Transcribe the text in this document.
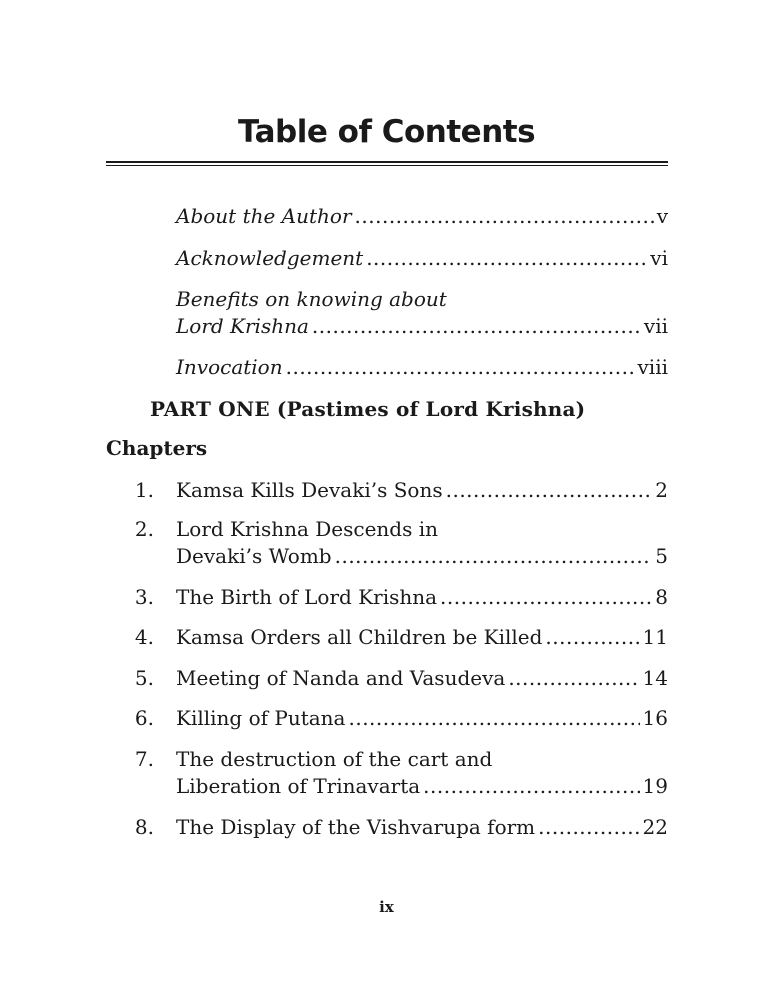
Table of Contents
About the Author .....	v
Acknowledgement .....	vi
Benefits on knowing about
Lord Krishna .....	vii
Invocation .....	viii
PART ONE (Pastimes of Lord Krishna)
Chapters
1. Kamsa Kills Devaki’s Sons .....	2
2. Lord Krishna Descends in
Devaki’s Womb .....	5
3. The Birth of Lord Krishna .....	8
4. Kamsa Orders all Children be Killed .....	11
5. Meeting of Nanda and Vasudeva .....	14
6. Killing of Putana .....	16
7. The destruction of the cart and
Liberation of Trinavarta .....	19
8. The Display of the Vishvarupa form .....	22
ix
